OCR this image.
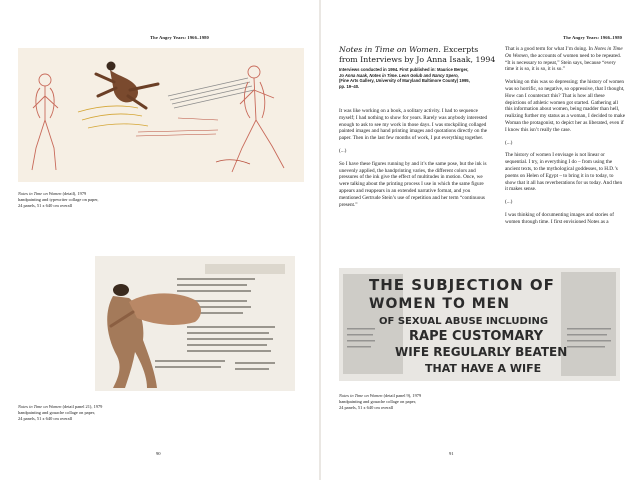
The Angry Years: 1966–1980
Notes in Time on Women (detail), 1979
handpainting and typewriter collage on paper,
24 panels, 51 x 640 cm overall
Notes in Time on Women (detail panel 21), 1979
handpainting and gouache collage on paper,
24 panels, 51 x 640 cm overall
90
The Angry Years: 1966–1980
Notes in Time on Women. Excerpts from Interviews by Jo Anna Isaak, 1994
Interviews conducted in 1994. First published in: Maurice Berger,
Jo Anna Isaak, Notes in Time. Leon Golub and Nancy Spero,
(Fine Arts Gallery, University of Maryland Baltimore County) 1995,
pp. 19–40.

It was like working on a book, a solitary activity. I had to sequence myself; I had nothing to show for years. Rarely was anybody interested enough to ask to see my work in those days. I was stockpiling collaged painted images and hand printing images and quotations directly on the paper. Then in the last few months of work, I put everything together.

(...)

So I have these figures running by and it’s the same pose, but the ink is unevenly applied, the handprinting varies, the different colors and pressures of the ink give the effect of multitudes in motion. Once, we were talking about the printing process I use in which the same figure appears and reappears in an extended narrative format, and you mentioned Gertrude Stein’s use of repetition and her term “continuous present.”

That is a good term for what I’m doing. In Notes in Time On Women, the accounts of women need to be repeated. “It is necessary to repeat,” Stein says, because “every time it is so, it is so, it is so.”

Working on this was so depressing; the history of women was so horrific, so negative, so oppressive, that I thought, How can I counteract this? That is how all these depictions of athletic women got started. Gathering all this information about women, being madder than hell, realizing further my status as a woman, I decided to make Woman the protagonist, to depict her as liberated, even if I know this isn’t really the case.

(...)

The history of women I envisage is not linear or sequential. I try, in everything I do – from using the ancient texts, to the mythological goddesses, to H.D.’s poems on Helen of Egypt – to bring it in to today, to show that it all has reverberations for us today. And then it makes sense.

(...)

I was thinking of documenting images and stories of women through time. I first envisioned Notes as a

THE SUBJECTION OF
WOMEN TO MEN
OF SEXUAL ABUSE INCLUDING
RAPE CUSTOMARY
WIFE REGULARLY BEATEN
THAT HAVE A WIFE
Notes in Time on Women (detail panel 9), 1979
handpainting and gouache collage on paper,
24 panels, 51 x 640 cm overall
91
